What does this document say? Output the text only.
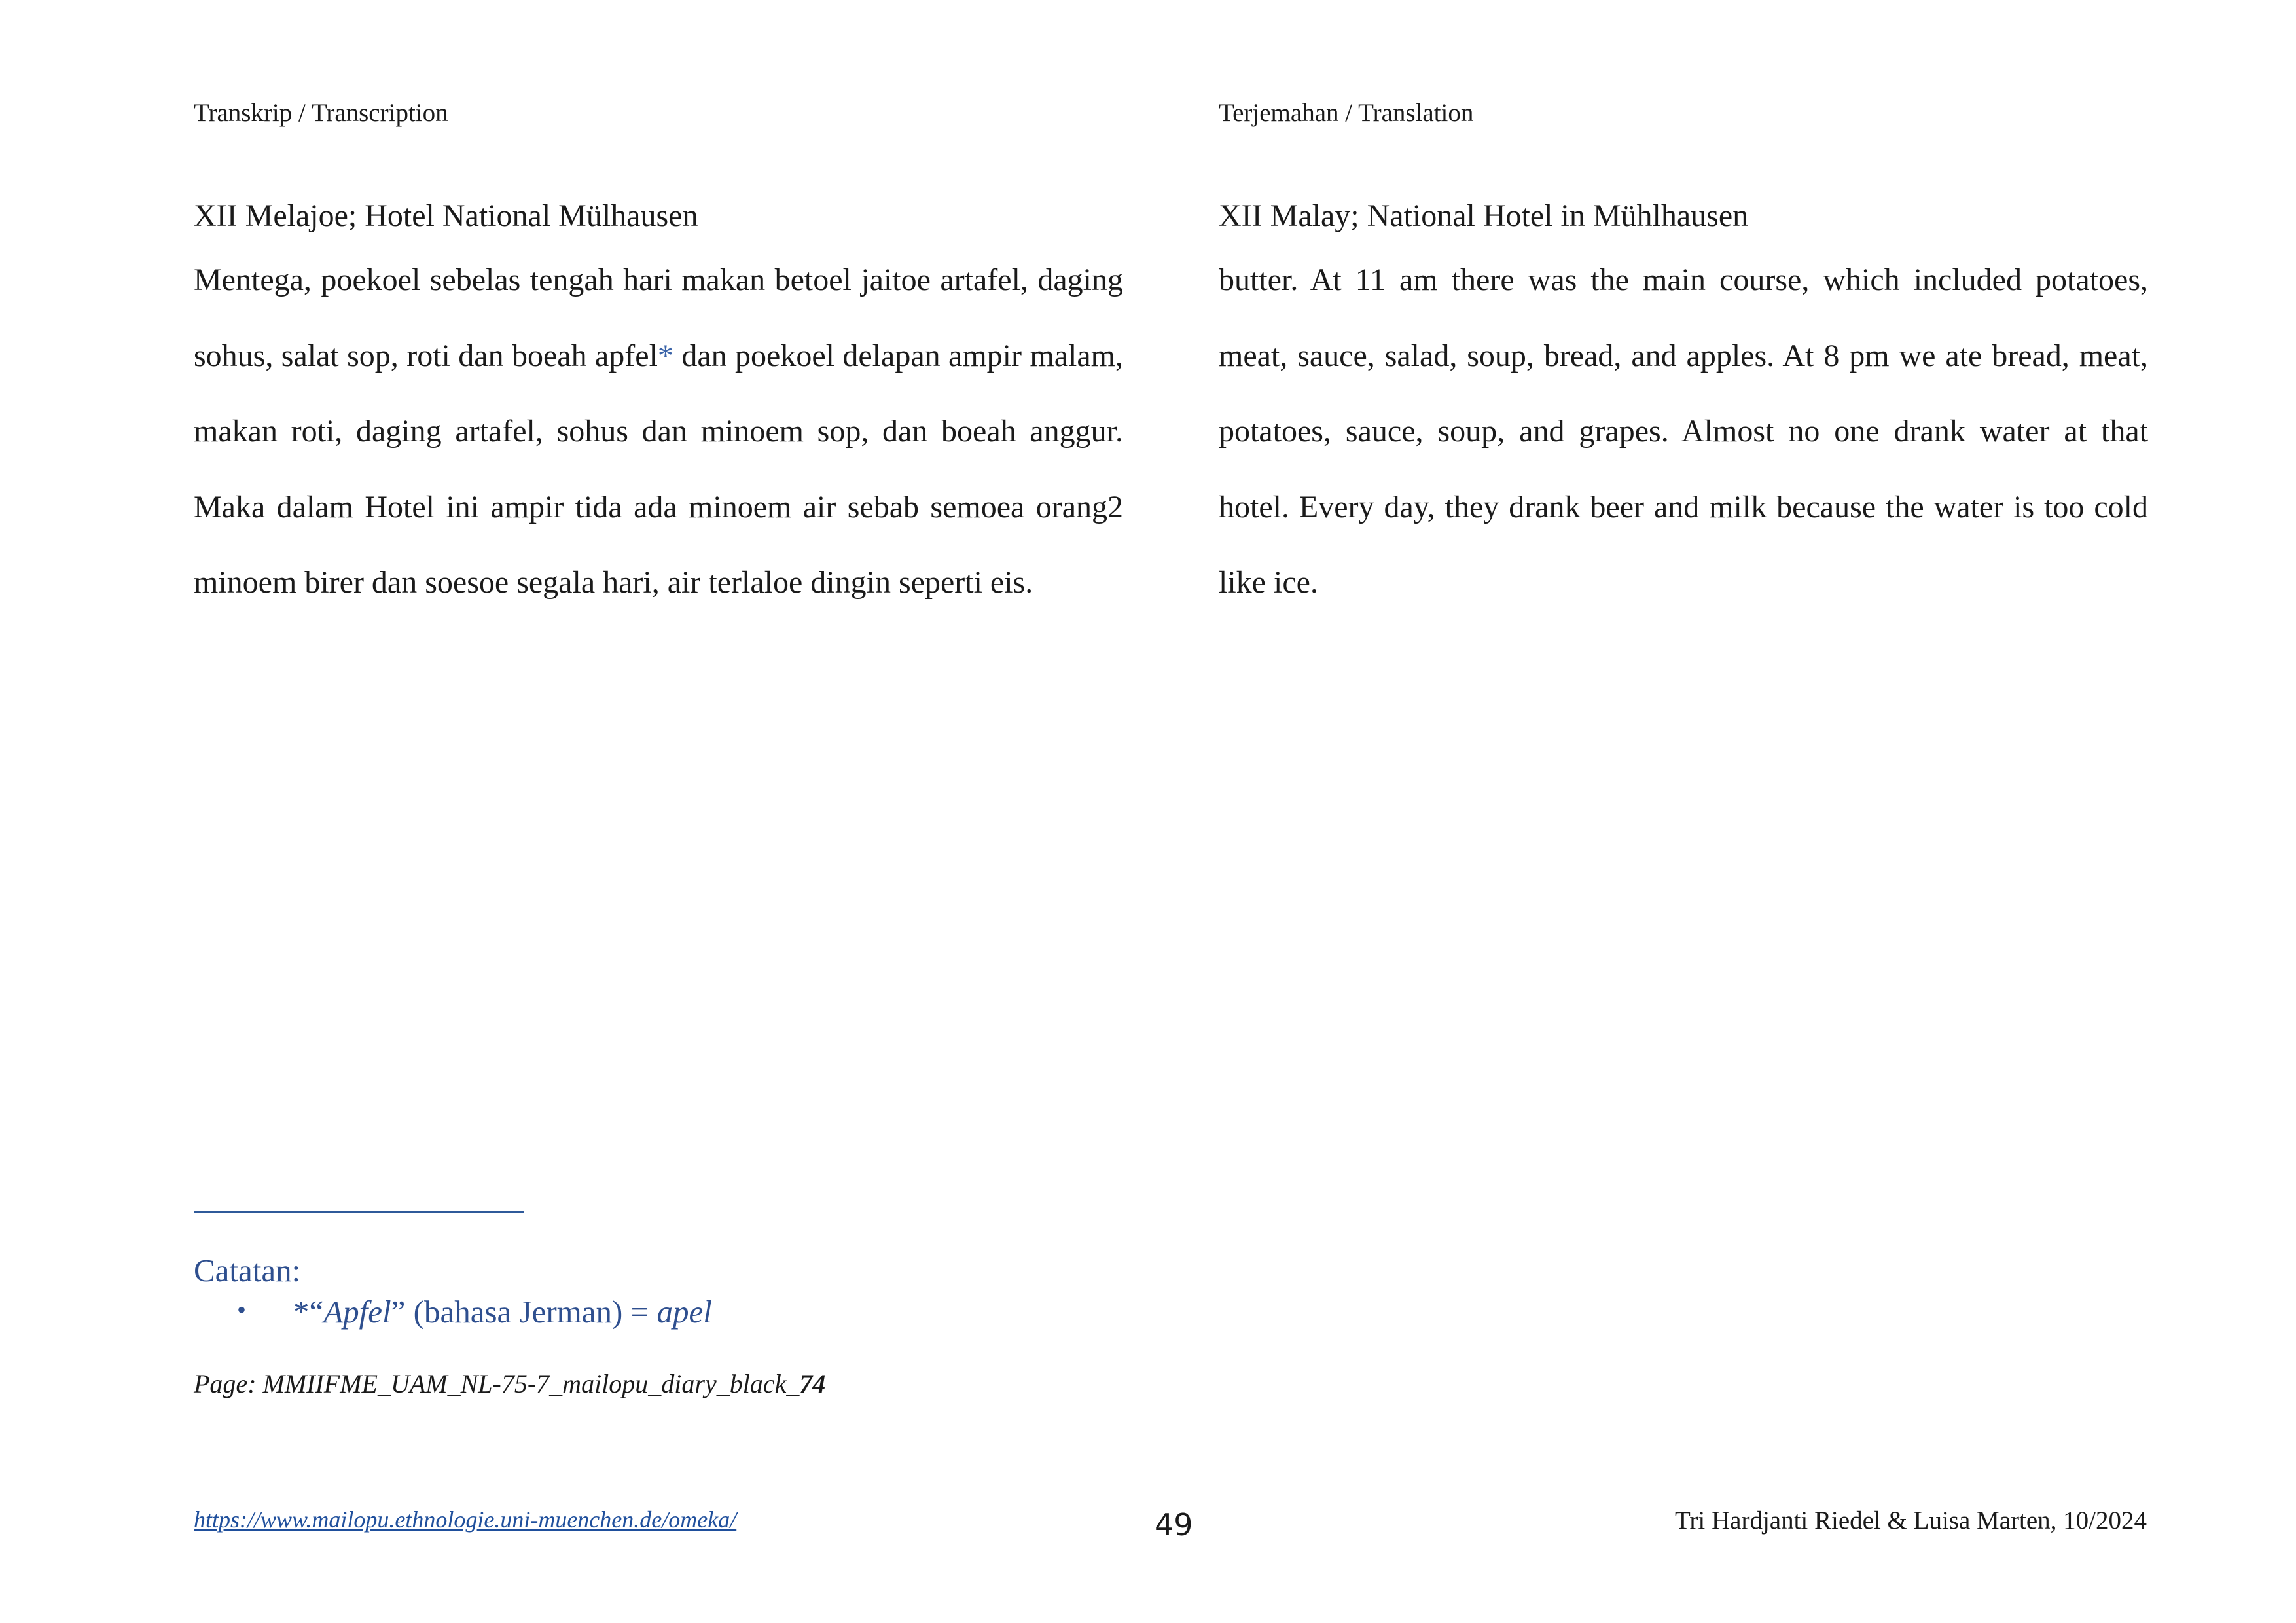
Transkrip / Transcription	Terjemahan / Translation

XII Melajoe; Hotel National Mülhausen

Mentega, poekoel sebelas tengah hari makan betoel jaitoe artafel, daging sohus, salat sop, roti dan boeah apfel* dan poekoel delapan ampir malam, makan roti, daging artafel, sohus dan minoem sop, dan boeah anggur. Maka dalam Hotel ini ampir tida ada minoem air sebab semoea orang2 minoem birer dan soesoe segala hari, air terlaloe dingin seperti eis.

XII Malay; National Hotel in Mühlhausen

butter. At 11 am there was the main course, which included potatoes, meat, sauce, salad, soup, bread, and apples. At 8 pm we ate bread, meat, potatoes, sauce, soup, and grapes. Almost no one drank water at that hotel. Every day, they drank beer and milk because the water is too cold like ice.

Catatan:
• *“Apfel” (bahasa Jerman) = apel
Page: MMIIFME_UAM_NL-75-7_mailopu_diary_black_74
https://www.mailopu.ethnologie.uni-muenchen.de/omeka/	49	Tri Hardjanti Riedel & Luisa Marten, 10/2024
